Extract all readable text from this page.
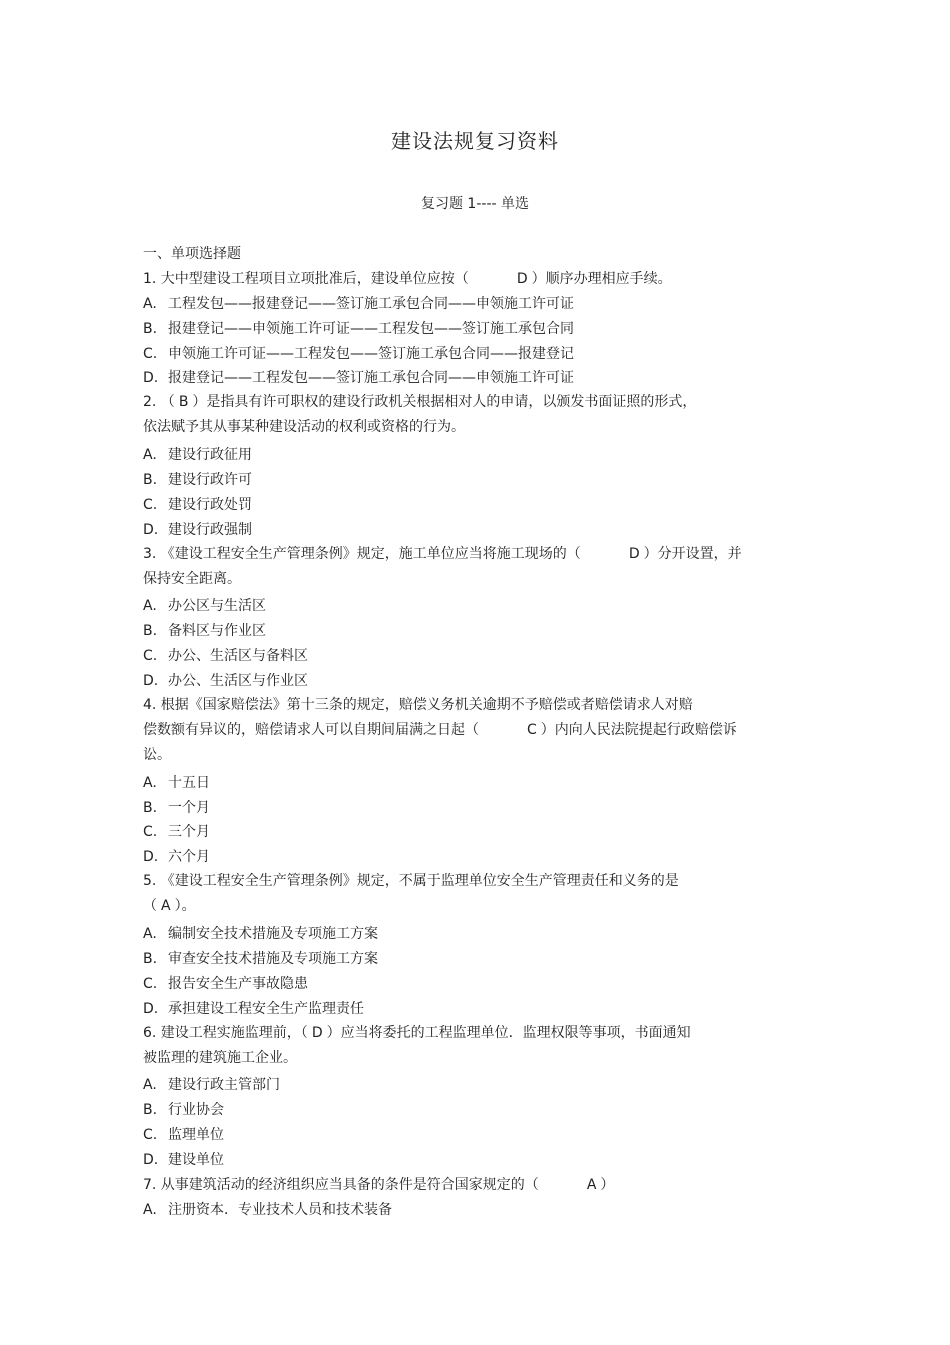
建设法规复习资料
复习题 1---- 单选
一、单项选择题
1. 大中型建设工程项目立项批准后，建设单位应按（	D ）顺序办理相应手续。
A. 工程发包——报建登记——签订施工承包合同——申领施工许可证
B. 报建登记——申领施工许可证——工程发包——签订施工承包合同
C. 申领施工许可证——工程发包——签订施工承包合同——报建登记
D. 报建登记——工程发包——签订施工承包合同——申领施工许可证
2. （ B ）是指具有许可职权的建设行政机关根据相对人的申请，以颁发书面证照的形式，
依法赋予其从事某种建设活动的权利或资格的行为。
A. 建设行政征用
B. 建设行政许可
C. 建设行政处罚
D. 建设行政强制
3. 《建设工程安全生产管理条例》规定，施工单位应当将施工现场的（	D ）分开设置，并
保持安全距离。
A. 办公区与生活区
B. 备料区与作业区
C. 办公、生活区与备料区
D. 办公、生活区与作业区
4. 根据《国家赔偿法》第十三条的规定，赔偿义务机关逾期不予赔偿或者赔偿请求人对赔
偿数额有异议的，赔偿请求人可以自期间届满之日起（	C ）内向人民法院提起行政赔偿诉
讼。
A. 十五日
B. 一个月
C. 三个月
D. 六个月
5. 《建设工程安全生产管理条例》规定，不属于监理单位安全生产管理责任和义务的是
（ A ）。
A. 编制安全技术措施及专项施工方案
B. 审查安全技术措施及专项施工方案
C. 报告安全生产事故隐患
D. 承担建设工程安全生产监理责任
6. 建设工程实施监理前，（ D ）应当将委托的工程监理单位．监理权限等事项，书面通知
被监理的建筑施工企业。
A. 建设行政主管部门
B. 行业协会
C. 监理单位
D. 建设单位
7. 从事建筑活动的经济组织应当具备的条件是符合国家规定的（	A ）
A. 注册资本．专业技术人员和技术装备
